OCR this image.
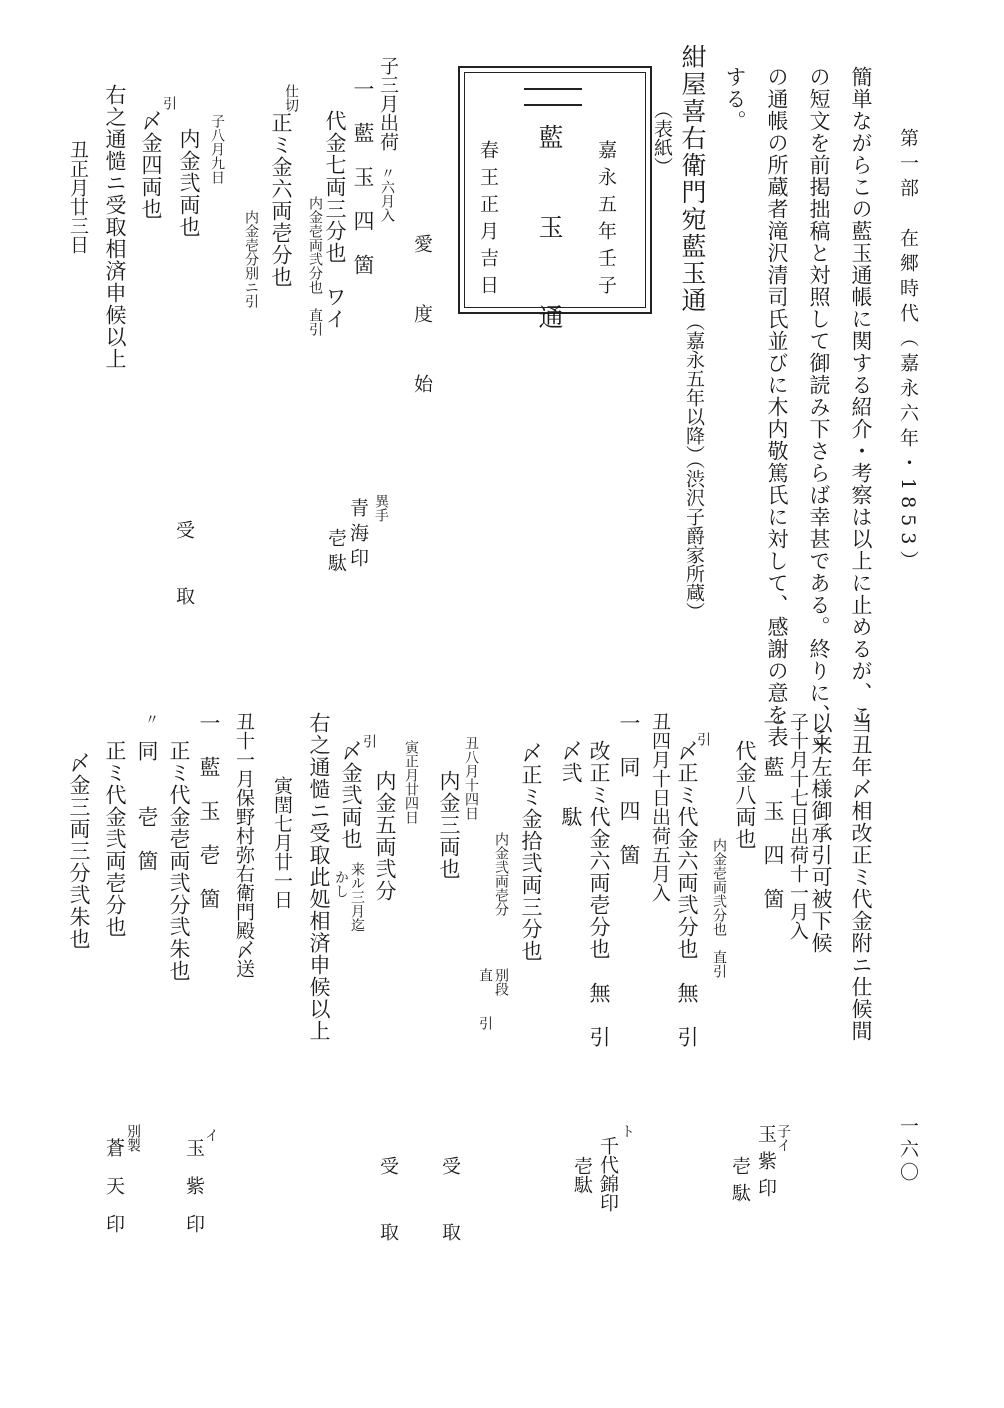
第一部　在郷時代（嘉永六年・1853）
一六〇
簡単ながらこの藍玉通帳に関する紹介・考察は以上に止めるが、こ
の短文を前掲拙稿と対照して御読み下さらば幸甚である。終りに、こ
の通帳の所蔵者滝沢清司氏並びに木内敬篤氏に対して、感謝の意を表
する。
紺屋喜右衛門宛藍玉通
（嘉永五年以降）
（渋沢子爵家所蔵）
（表紙）
嘉永五年壬子
藍　玉　通
春王正月吉日
愛　度　始
子三月出荷
〃六月入
一　藍　玉　四　箇
代金七両三分也　ワイ
内金壱両弐分也　直引
仕切
正ミ金六両壱分也
内金壱分別ニ引
子八月九日
内金弐両也
引
〆金四両也
右之通慥ニ受取相済申候以上
丑正月廿三日
異手
青海印
壱駄
受　取
当丑年〆相改正ミ代金附ニ仕候間
以来左様御承引可被下候
子十月十七日出荷十一月入
一　藍　玉　四　箇
代金八両也
内金壱両弐分也　直引
引
〆正ミ代金六両弐分也　無　引
丑四月十日出荷五月入
一　同　四　箇
改正ミ代金六両壱分也　無　引
〆弐　駄
〆正ミ金拾弐両三分也
内金弐両壱分
別段
直　引
丑八月十四日
内金三両也
寅正月廿四日
内金五両弐分
引
〆金弐両也
来ル三月迄
かし
右之通慥ニ受取此処相済申候以上
寅閏七月廿一日
丑十一月保野村弥右衛門殿〆送
一　藍　玉　壱　箇
正ミ代金壱両弐分弐朱也
〃
同　　壱　箇
正ミ代金弐両壱分也
〆金三両三分弐朱也
子イ
玉紫印
壱駄
ト
千代錦印
壱駄
受　取
受　取
イ
玉　紫　印
別製
蒼　天　印
